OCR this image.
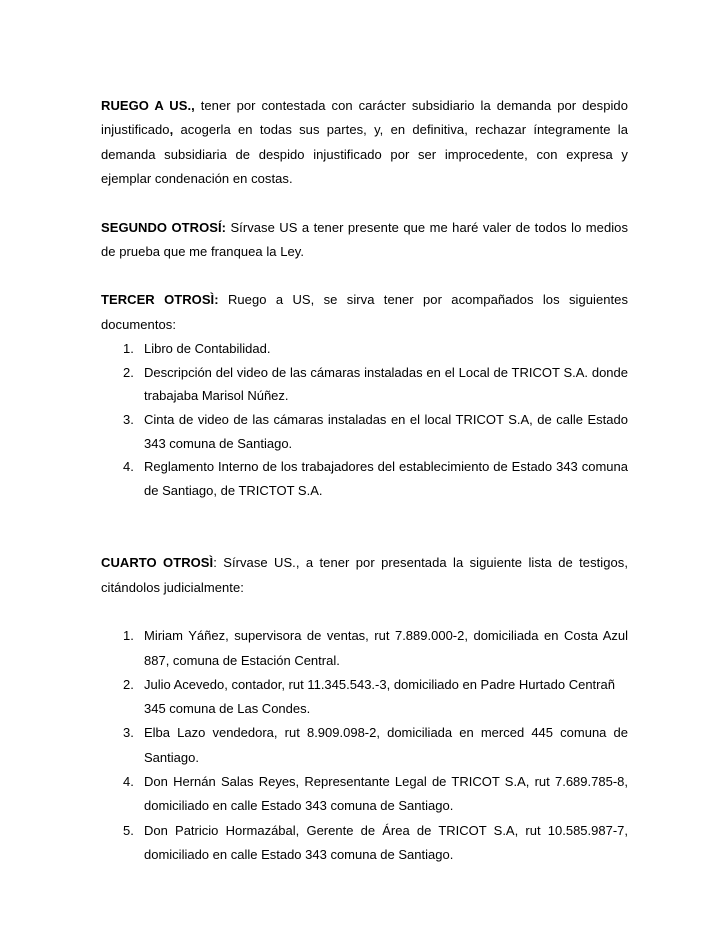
RUEGO A US., tener por contestada con carácter subsidiario la demanda por despido injustificado, acogerla en todas sus partes, y, en definitiva, rechazar íntegramente la demanda subsidiaria de despido injustificado por ser improcedente, con expresa y ejemplar condenación en costas.

SEGUNDO OTROSÍ: Sírvase US a tener presente que me haré valer de todos lo medios de prueba que me franquea la Ley.

TERCER OTROSÌ: Ruego a US, se sirva tener por acompañados los siguientes documentos:

1. Libro de Contabilidad.
2. Descripción del video de las cámaras instaladas en el Local de TRICOT S.A. donde trabajaba Marisol Núñez.
3. Cinta de video de las cámaras instaladas en el local TRICOT S.A, de calle Estado 343 comuna de Santiago.
4. Reglamento Interno de los trabajadores del establecimiento de Estado 343 comuna de Santiago, de TRICTOT S.A.

CUARTO OTROSÌ: Sírvase US., a tener por presentada la siguiente lista de testigos, citándolos judicialmente:

1. Miriam Yáñez, supervisora de ventas, rut 7.889.000-2, domiciliada en Costa Azul 887, comuna de Estación Central.
2. Julio Acevedo, contador, rut 11.345.543.-3, domiciliado en Padre Hurtado Centrañ
345 comuna de Las Condes.
3. Elba Lazo vendedora, rut 8.909.098-2, domiciliada en merced 445 comuna de Santiago.
4. Don Hernán Salas Reyes, Representante Legal de TRICOT S.A, rut 7.689.785-8, domiciliado en calle Estado 343 comuna de Santiago.
5. Don Patricio Hormazábal, Gerente de Área de TRICOT S.A, rut 10.585.987-7, domiciliado en calle Estado 343 comuna de Santiago.
